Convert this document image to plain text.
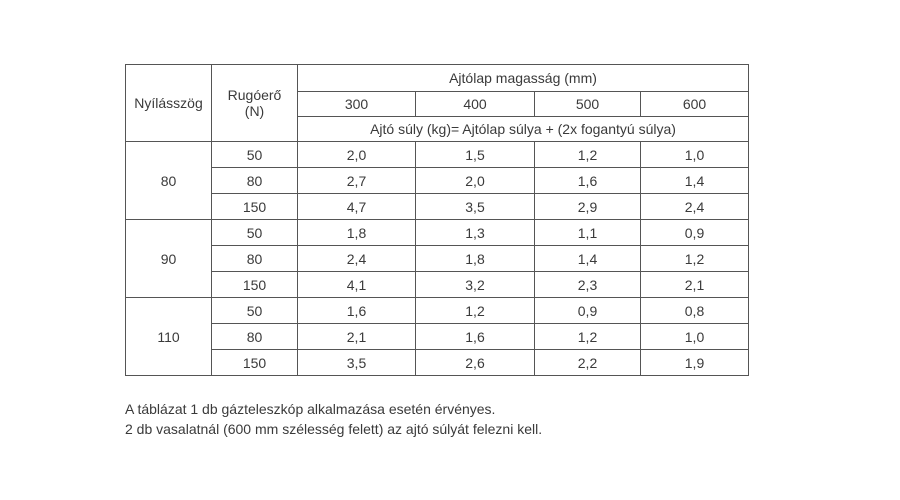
Nyílásszög	Rugóerő
(N)	Ajtólap magasság (mm)			
		300	400	500	600
		Ajtó súly (kg)= Ajtólap súlya + (2x fogantyú súlya)			
80	50	2,0	1,5	1,2	1,0
	80	2,7	2,0	1,6	1,4
	150	4,7	3,5	2,9	2,4
90	50	1,8	1,3	1,1	0,9
	80	2,4	1,8	1,4	1,2
	150	4,1	3,2	2,3	2,1
110	50	1,6	1,2	0,9	0,8
	80	2,1	1,6	1,2	1,0
	150	3,5	2,6	2,2	1,9
A táblázat 1 db gázteleszkóp alkalmazása esetén érvényes.
2 db vasalatnál (600 mm szélesség felett) az ajtó súlyát felezni kell.
